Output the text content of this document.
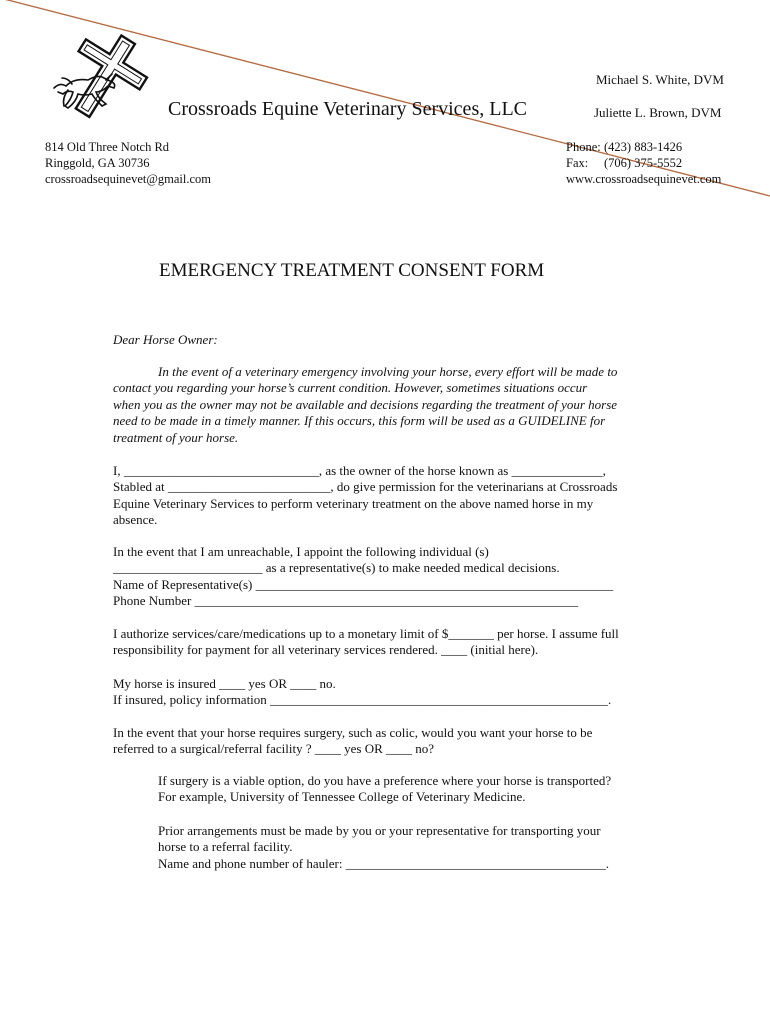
Crossroads Equine Veterinary Services, LLC
Michael S. White, DVM
Juliette L. Brown, DVM
814 Old Three Notch Rd
Ringgold, GA 30736
crossroadsequinevet@gmail.com
Phone: (423) 883-1426
Fax: (706) 375-5552
www.crossroadsequinevet.com
EMERGENCY TREATMENT CONSENT FORM

Dear Horse Owner:

In the event of a veterinary emergency involving your horse, every effort will be made to

contact you regarding your horse’s current condition. However, sometimes situations occur

when you as the owner may not be available and decisions regarding the treatment of your horse

need to be made in a timely manner. If this occurs, this form will be used as a GUIDELINE for

treatment of your horse.

I, ______________________________, as the owner of the horse known as ______________,

Stabled at _________________________, do give permission for the veterinarians at Crossroads

Equine Veterinary Services to perform veterinary treatment on the above named horse in my

absence.

In the event that I am unreachable, I appoint the following individual (s)

_______________________ as a representative(s) to make needed medical decisions.

Name of Representative(s) _______________________________________________________

Phone Number ___________________________________________________________

I authorize services/care/medications up to a monetary limit of $_______ per horse. I assume full

responsibility for payment for all veterinary services rendered. ____ (initial here).

My horse is insured ____ yes OR ____ no.

If insured, policy information ____________________________________________________.

In the event that your horse requires surgery, such as colic, would you want your horse to be

referred to a surgical/referral facility ? ____ yes OR ____ no?

If surgery is a viable option, do you have a preference where your horse is transported?

For example, University of Tennessee College of Veterinary Medicine.

Prior arrangements must be made by you or your representative for transporting your

horse to a referral facility.

Name and phone number of hauler: ________________________________________.
